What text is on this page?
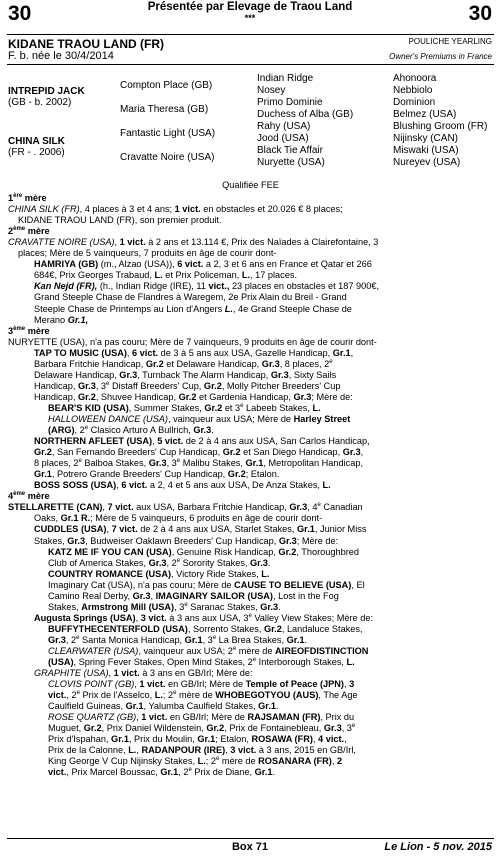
30	30
Présentée par Elevage de Traou Land
***
KIDANE TRAOU LAND (FR)	POULICHE YEARLING
F. b. née le 30/4/2014	Owner's Premiums in France
INTREPID JACK
(GB - b. 2002)
CHINA SILK
(FR - . 2006)
Compton Place (GB)
Maria Theresa (GB)
Fantastic Light (USA)
Cravatte Noire (USA)
Indian Ridge
Nosey
Primo Dominie
Duchess of Alba (GB)
Rahy (USA)
Jood (USA)
Black Tie Affair
Nuryette (USA)
Ahonoora
Nebbiolo
Dominion
Belmez (USA)
Blushing Groom (FR)
Nijinsky (CAN)
Miswaki (USA)
Nureyev (USA)

Qualifiée FEE

1ère mère

CHINA SILK (FR), 4 places à 3 et 4 ans; 1 vict. en obstacles et 20.026 € 8 places;

KIDANE TRAOU LAND (FR), son premier produit.

2ème mère

CRAVATTE NOIRE (USA), 1 vict. à 2 ans et 13.114 €, Prix des Naïades à Clairefontaine, 3

places; Mère de 5 vainqueurs, 7 produits en âge de courir dont-

HAMRIYA (GB) (m., Alzao (USA)), 6 vict. a 2, 3 et 6 ans en France et Qatar et 266

684€, Prix Georges Trabaud, L. et Prix Policeman, L., 17 places.

Kan Nejd (FR), (h., Indian Ridge (IRE), 11 vict., 23 places en obstacles et 187 900€,

Grand Steeple Chase de Flandres à Waregem, 2e Prix Alain du Breil - Grand

Steeple Chase de Printemps au Lion d'Angers L., 4e Grand Steeple Chase de

Merano Gr.1,

3ème mère

NURYETTE (USA), n'a pas couru; Mère de 7 vainqueurs, 9 produits en âge de courir dont-

TAP TO MUSIC (USA), 6 vict. de 3 à 5 ans aux USA, Gazelle Handicap, Gr.1,

Barbara Fritchie Handicap, Gr.2 et Delaware Handicap, Gr.3, 8 places, 2e

Delaware Handicap, Gr.3, Turnback The Alarm Handicap, Gr.3, Sixty Sails

Handicap, Gr.3, 3e Distaff Breeders' Cup, Gr.2, Molly Pitcher Breeders' Cup

Handicap, Gr.2, Shuvee Handicap, Gr.2 et Gardenia Handicap, Gr.3; Mère de:

BEAR'S KID (USA), Summer Stakes, Gr.2 et 3e Labeeb Stakes, L.

HALLOWEEN DANCE (USA), vainqueur aux USA; Mère de Harley Street

(ARG), 2e Clasico Arturo A Bullrich, Gr.3.

NORTHERN AFLEET (USA), 5 vict. de 2 à 4 ans aux USA, San Carlos Handicap,

Gr.2, San Fernando Breeders' Cup Handicap, Gr.2 et San Diego Handicap, Gr.3,

8 places, 2e Balboa Stakes, Gr.3, 3e Malibu Stakes, Gr.1, Metropolitan Handicap,

Gr.1, Potrero Grande Breeders' Cup Handicap, Gr.2; Etalon.

BOSS SOSS (USA), 6 vict. a 2, 4 et 5 ans aux USA, De Anza Stakes, L.

4ème mère

STELLARETTE (CAN), 7 vict. aux USA, Barbara Fritchie Handicap, Gr.3, 4e Canadian

Oaks, Gr.1 R.; Mère de 5 vainqueurs, 6 produits en âge de courir dont-

CUDDLES (USA), 7 vict. de 2 à 4 ans aux USA, Starlet Stakes, Gr.1, Junior Miss

Stakes, Gr.3, Budweiser Oaklawn Breeders' Cup Handicap, Gr.3; Mère de:

KATZ ME IF YOU CAN (USA), Genuine Risk Handicap, Gr.2, Thoroughbred

Club of America Stakes, Gr.3, 2e Sorority Stakes, Gr.3.

COUNTRY ROMANCE (USA), Victory Ride Stakes, L.

Imaginary Cat (USA), n'a pas couru; Mère de CAUSE TO BELIEVE (USA), El

Camino Real Derby, Gr.3, IMAGINARY SAILOR (USA), Lost in the Fog

Stakes, Armstrong Mill (USA), 3e Saranac Stakes, Gr.3.

Augusta Springs (USA), 3 vict. à 3 ans aux USA, 3e Valley View Stakes; Mère de:

BUFFYTHECENTERFOLD (USA), Sorrento Stakes, Gr.2, Landaluce Stakes,

Gr.3, 2e Santa Monica Handicap, Gr.1, 3e La Brea Stakes, Gr.1.

CLEARWATER (USA), vainqueur aux USA; 2e mère de AIREOFDISTINCTION

(USA), Spring Fever Stakes, Open Mind Stakes, 2e Interborough Stakes, L.

GRAPHITE (USA), 1 vict. à 3 ans en GB/Irl; Mère de:

CLOVIS POINT (GB), 1 vict. en GB/Irl; Mère de Temple of Peace (JPN), 3

vict., 2e Prix de l'Asselco, L.; 2e mère de WHOBEGOTYOU (AUS), The Age

Caulfield Guineas, Gr.1, Yalumba Caulfield Stakes, Gr.1.

ROSE QUARTZ (GB), 1 vict. en GB/Irl; Mère de RAJSAMAN (FR), Prix du

Muguet, Gr.2, Prix Daniel Wildenstein, Gr.2, Prix de Fontainebleau, Gr.3, 3e

Prix d'Ispahan, Gr.1, Prix du Moulin, Gr.1; Etalon, ROSAWA (FR), 4 vict.,

Prix de la Calonne, L., RADANPOUR (IRE), 3 vict. à 3 ans, 2015 en GB/Irl,

King George V Cup Nijinsky Stakes, L.; 2e mère de ROSANARA (FR), 2

vict., Prix Marcel Boussac, Gr.1, 2e Prix de Diane, Gr.1.

Box 71	Le Lion - 5 nov. 2015
